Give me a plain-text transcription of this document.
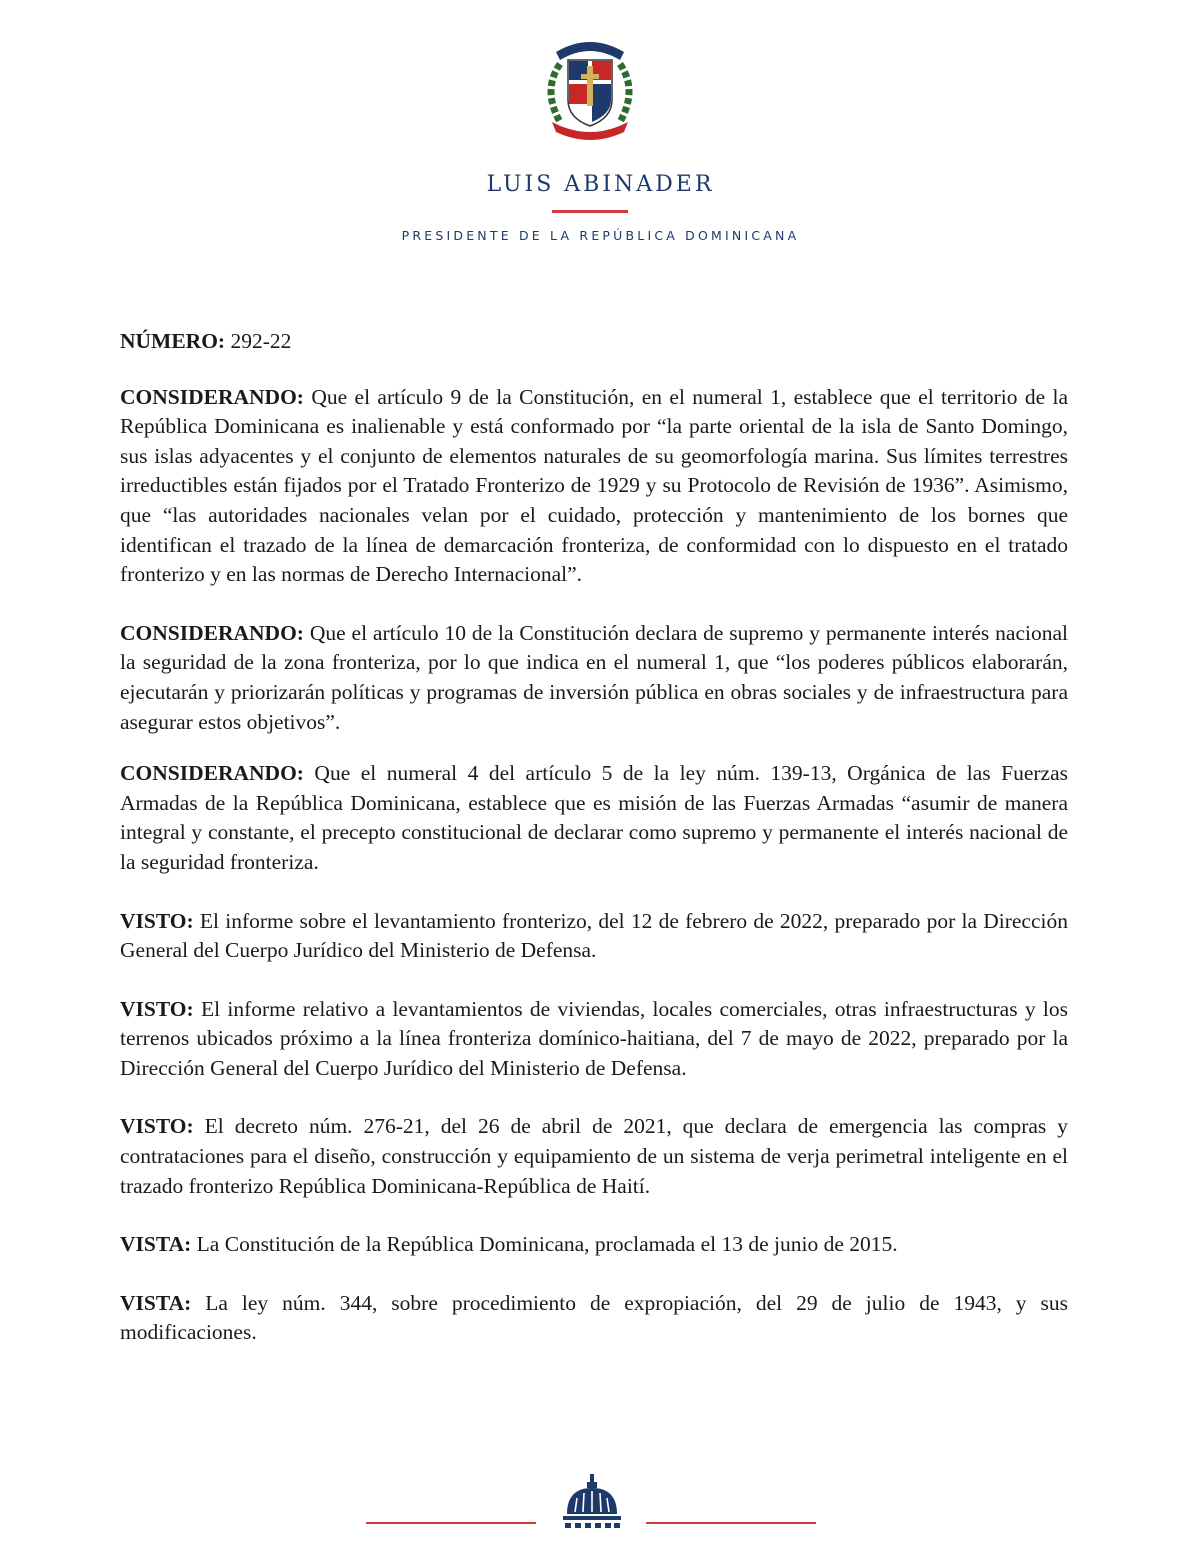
LUIS ABINADER
PRESIDENTE DE LA REPÚBLICA DOMINICANA
NÚMERO: 292-22

CONSIDERANDO: Que el artículo 9 de la Constitución, en el numeral 1, establece que el territorio de la República Dominicana es inalienable y está conformado por “la parte oriental de la isla de Santo Domingo, sus islas adyacentes y el conjunto de elementos naturales de su geomorfología marina. Sus límites terrestres irreductibles están fijados por el Tratado Fronterizo de 1929 y su Protocolo de Revisión de 1936”. Asimismo, que “las autoridades nacionales velan por el cuidado, protección y mantenimiento de los bornes que identifican el trazado de la línea de demarcación fronteriza, de conformidad con lo dispuesto en el tratado fronterizo y en las normas de Derecho Internacional”.

CONSIDERANDO: Que el artículo 10 de la Constitución declara de supremo y permanente interés nacional la seguridad de la zona fronteriza, por lo que indica en el numeral 1, que “los poderes públicos elaborarán, ejecutarán y priorizarán políticas y programas de inversión pública en obras sociales y de infraestructura para asegurar estos objetivos”.

CONSIDERANDO: Que el numeral 4 del artículo 5 de la ley núm. 139-13, Orgánica de las Fuerzas Armadas de la República Dominicana, establece que es misión de las Fuerzas Armadas “asumir de manera integral y constante, el precepto constitucional de declarar como supremo y permanente el interés nacional de la seguridad fronteriza.

VISTO: El informe sobre el levantamiento fronterizo, del 12 de febrero de 2022, preparado por la Dirección General del Cuerpo Jurídico del Ministerio de Defensa.

VISTO: El informe relativo a levantamientos de viviendas, locales comerciales, otras infraestructuras y los terrenos ubicados próximo a la línea fronteriza domínico-haitiana, del 7 de mayo de 2022, preparado por la Dirección General del Cuerpo Jurídico del Ministerio de Defensa.

VISTO: El decreto núm. 276-21, del 26 de abril de 2021, que declara de emergencia las compras y contrataciones para el diseño, construcción y equipamiento de un sistema de verja perimetral inteligente en el trazado fronterizo República Dominicana-República de Haití.

VISTA: La Constitución de la República Dominicana, proclamada el 13 de junio de 2015.

VISTA: La ley núm. 344, sobre procedimiento de expropiación, del 29 de julio de 1943, y sus modificaciones.
